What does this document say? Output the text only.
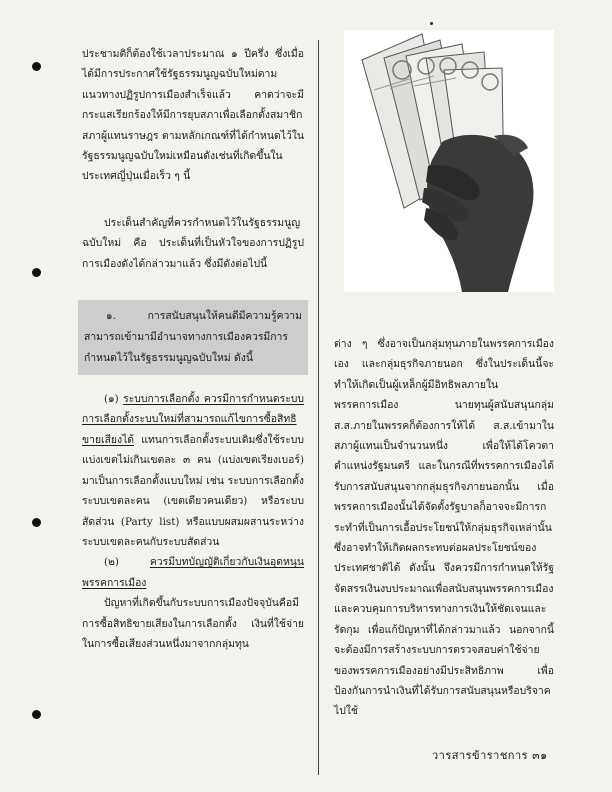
ประชามติก็ต้องใช้เวลาประมาณ ๑ ปีครึ่ง ซึ่งเมื่อได้มีการประกาศใช้รัฐธรรมนูญฉบับใหม่ตามแนวทางปฏิรูปการเมืองสำเร็จแล้ว คาดว่าจะมีกระแสเรียกร้องให้มีการยุบสภาเพื่อเลือกตั้งสมาชิกสภาผู้แทนราษฎร ตามหลักเกณฑ์ที่ได้กำหนดไว้ในรัฐธรรมนูญฉบับใหม่เหมือนดังเช่นที่เกิดขึ้นในประเทศญี่ปุ่นเมื่อเร็ว ๆ นี้

ประเด็นสำคัญที่ควรกำหนดไว้ในรัฐธรรมนูญฉบับใหม่ คือ ประเด็นที่เป็นหัวใจของการปฏิรูปการเมืองดังได้กล่าวมาแล้ว ซึ่งมีดังต่อไปนี้

๑. การสนับสนุนให้คนดีมีความรู้ความสามารถเข้ามามีอำนาจทางการเมืองควรมีการกำหนดไว้ในรัฐธรรมนูญฉบับใหม่ ดังนี้

(๑) ระบบการเลือกตั้ง ควรมีการกำหนดระบบการเลือกตั้งระบบใหม่ที่สามารถแก้ไขการซื้อสิทธิขายเสียงได้ แทนการเลือกตั้งระบบเดิมซึ่งใช้ระบบแบ่งเขตไม่เกินเขตละ ๓ คน (แบ่งเขตเรียงเบอร์) มาเป็นการเลือกตั้งแบบใหม่ เช่น ระบบการเลือกตั้ง ระบบเขตละคน (เขตเดียวคนเดียว) หรือระบบสัดส่วน (Party list) หรือแบบผสมผสานระหว่างระบบเขตละคนกับระบบสัดส่วน

(๒)	ควรมีบทบัญญัติเกี่ยวกับเงินอุดหนุนพรรคการเมือง

ปัญหาที่เกิดขึ้นกับระบบการเมืองปัจจุบันคือมีการซื้อสิทธิขายเสียงในการเลือกตั้ง เงินที่ใช้จ่ายในการซื้อเสียงส่วนหนึ่งมาจากกลุ่มทุน

ต่าง ๆ ซึ่งอาจเป็นกลุ่มทุนภายในพรรคการเมืองเอง และกลุ่มธุรกิจภายนอก ซึ่งในประเด็นนี้จะทำให้เกิดเป็นผู้เหล็กผู้มีอิทธิพลภายในพรรคการเมือง นายทุนผู้สนับสนุนกลุ่ม ส.ส.ภายในพรรคก็ต้องการให้ได้ ส.ส.เข้ามาในสภาผู้แทนเป็นจำนวนหนึ่ง เพื่อให้ได้โควตาตำแหน่งรัฐมนตรี และในกรณีที่พรรคการเมืองได้รับการสนับสนุนจากกลุ่มธุรกิจภายนอกนั้น เมื่อพรรคการเมืองนั้นได้จัดตั้งรัฐบาลก็อาจจะมีการกระทำที่เป็นการเอื้อประโยชน์ให้กลุ่มธุรกิจเหล่านั้น ซึ่งอาจทำให้เกิดผลกระทบต่อผลประโยชน์ของประเทศชาติได้ ดังนั้น จึงควรมีการกำหนดให้รัฐจัดสรรเงินงบประมาณเพื่อสนับสนุนพรรคการเมืองและควบคุมการบริหารทางการเงินให้ชัดเจนและรัดกุม เพื่อแก้ปัญหาที่ได้กล่าวมาแล้ว นอกจากนี้จะต้องมีการสร้างระบบการตรวจสอบค่าใช้จ่ายของพรรคการเมืองอย่างมีประสิทธิภาพ เพื่อป้องกันการนำเงินที่ได้รับการสนับสนุนหรือบริจาคไปใช้

วารสารข้าราชการ ๓๑
